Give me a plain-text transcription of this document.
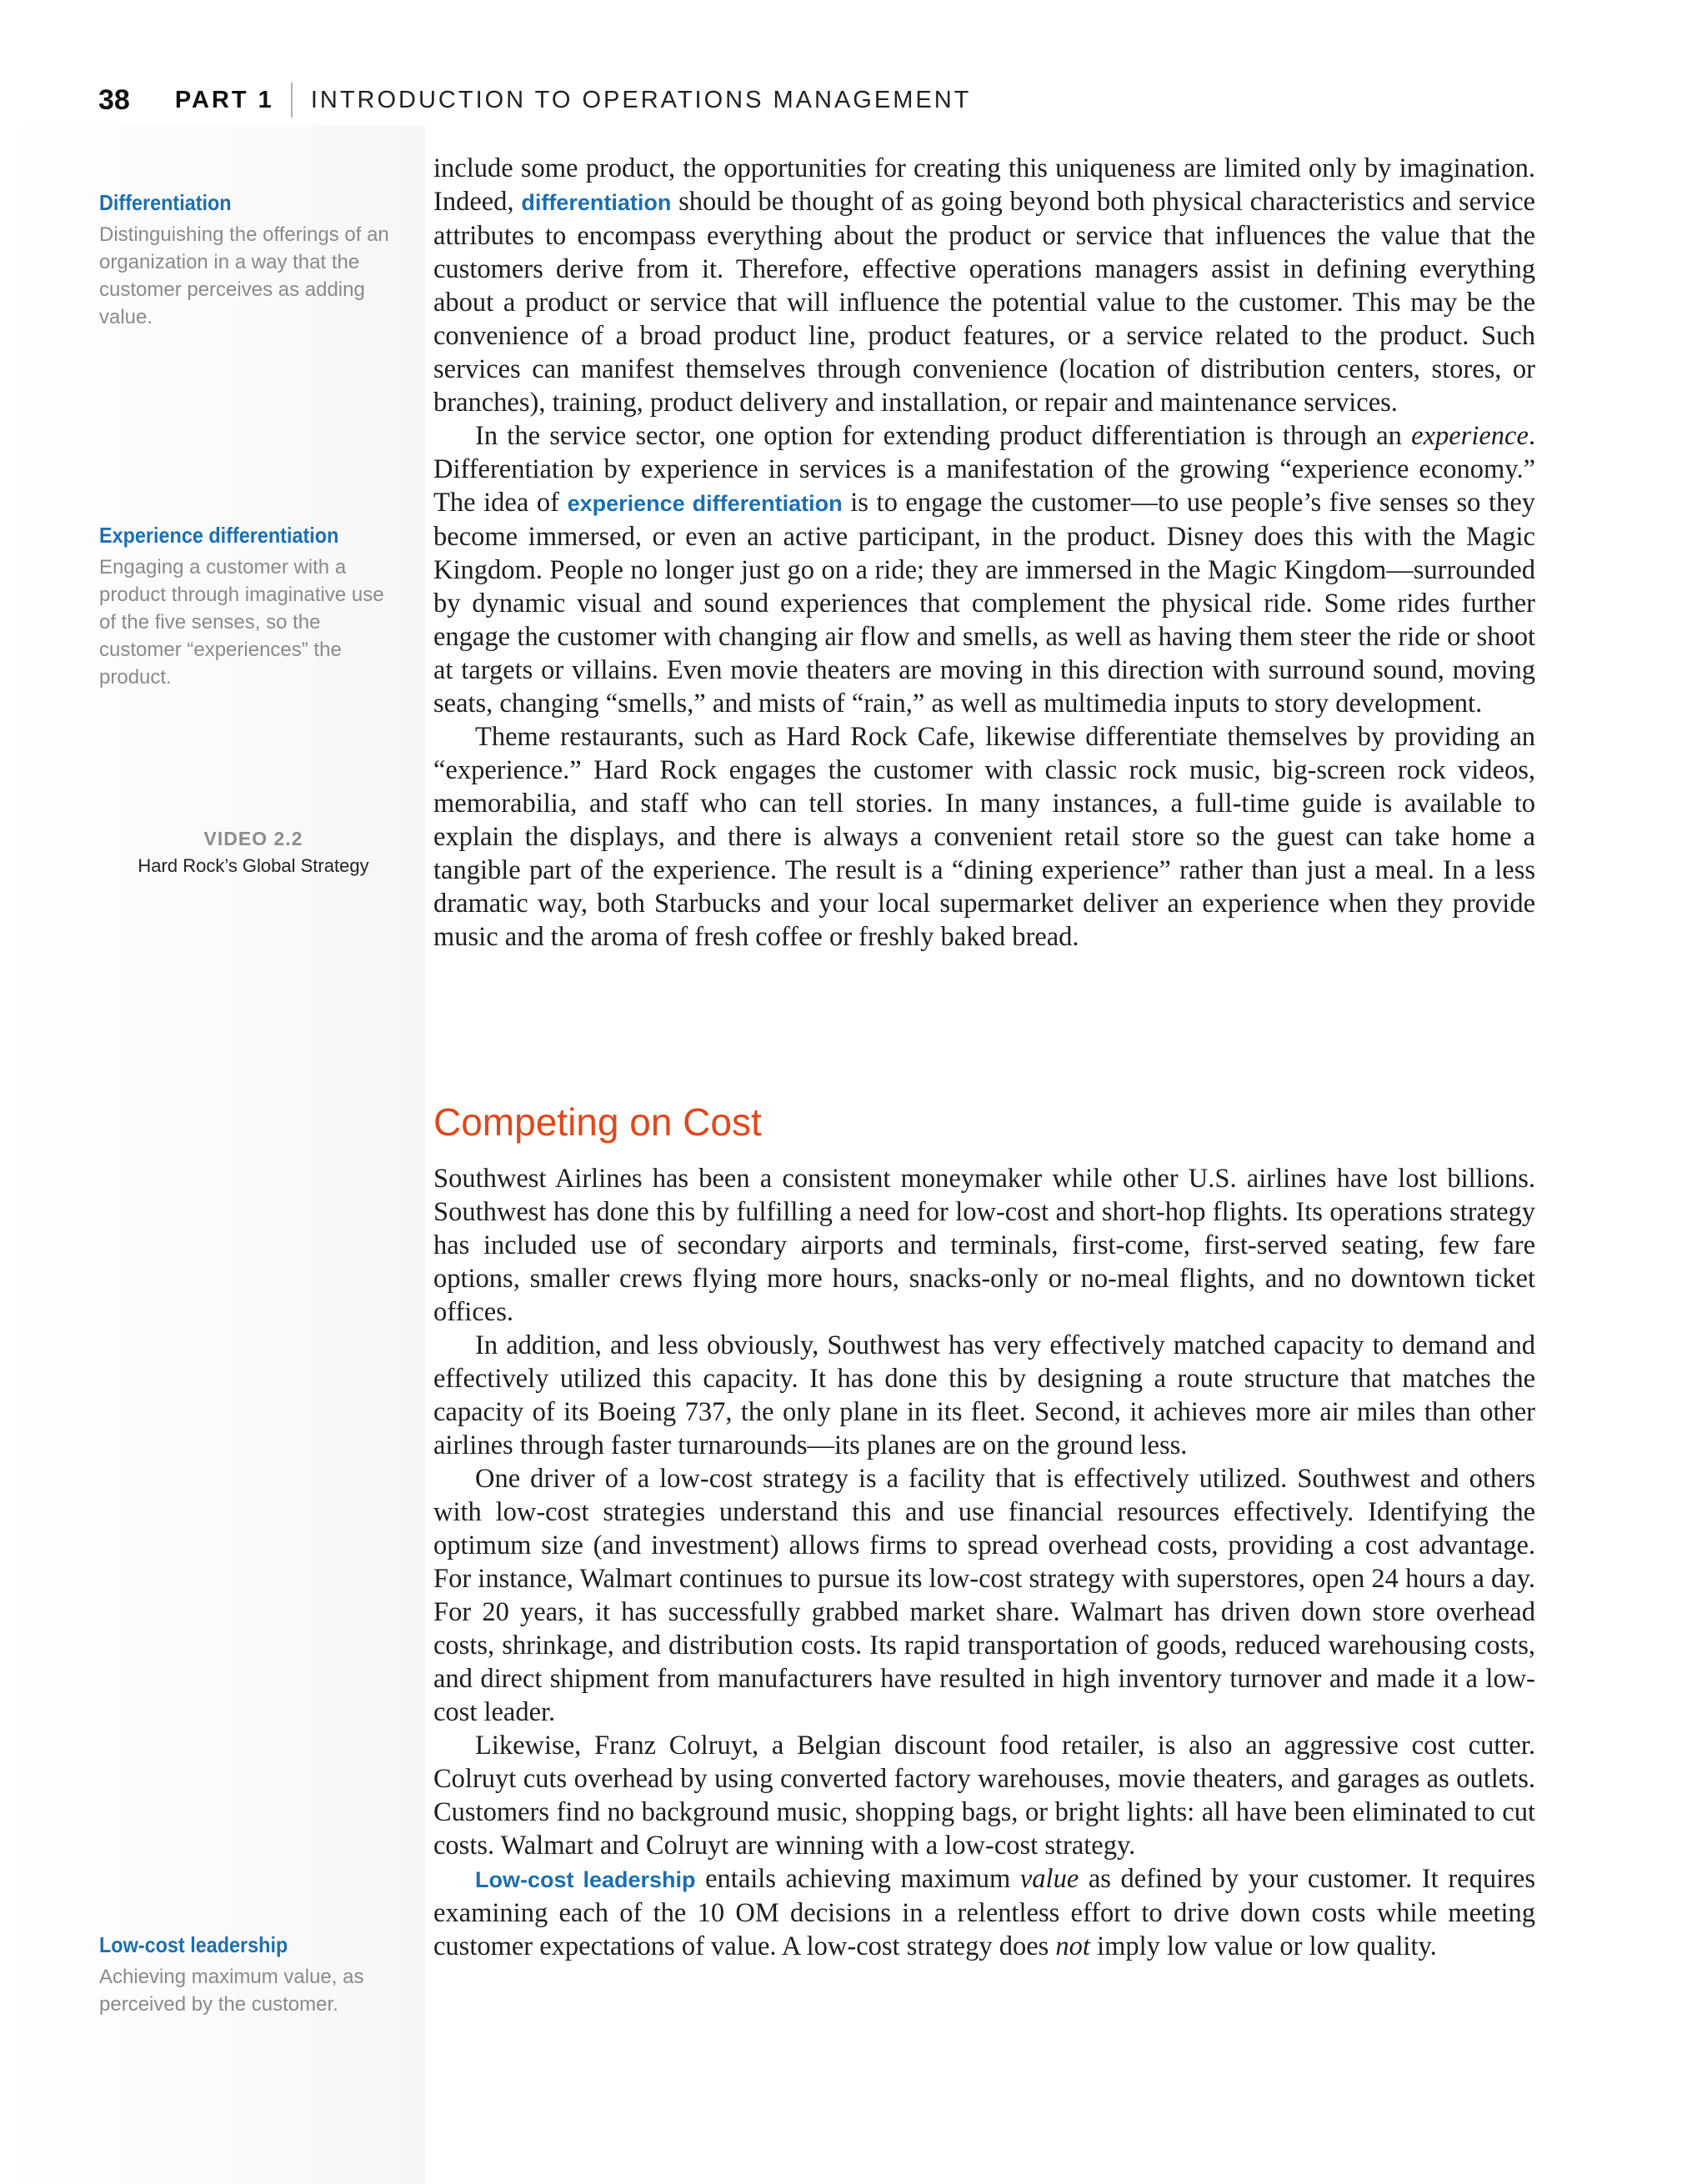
38 PART 1 INTRODUCTION TO OPERATIONS MANAGEMENT
Differentiation

Distinguishing the offerings of an organization in a way that the customer perceives as adding value.

Experience differentiation

Engaging a customer with a product through imaginative use of the five senses, so the customer “experiences” the product.

VIDEO 2.2
Hard Rock’s Global Strategy
Low-cost leadership

Achieving maximum value, as perceived by the customer.

include some product, the opportunities for creating this uniqueness are limited only by imagination. Indeed, differentiation should be thought of as going beyond both physical characteristics and service attributes to encompass everything about the product or service that influences the value that the customers derive from it. Therefore, effective operations managers assist in defining everything about a product or service that will influence the potential value to the customer. This may be the convenience of a broad product line, product features, or a service related to the product. Such services can manifest themselves through convenience (location of distribution centers, stores, or branches), training, product delivery and installation, or repair and maintenance services.

In the service sector, one option for extending product differentiation is through an experience. Differentiation by experience in services is a manifestation of the growing “experience economy.” The idea of experience differentiation is to engage the customer—to use people’s five senses so they become immersed, or even an active participant, in the product. Disney does this with the Magic Kingdom. People no longer just go on a ride; they are immersed in the Magic Kingdom—surrounded by dynamic visual and sound experiences that complement the physical ride. Some rides further engage the customer with changing air flow and smells, as well as having them steer the ride or shoot at targets or villains. Even movie theaters are moving in this direction with surround sound, moving seats, changing “smells,” and mists of “rain,” as well as multimedia inputs to story development.

Theme restaurants, such as Hard Rock Cafe, likewise differentiate themselves by providing an “experience.” Hard Rock engages the customer with classic rock music, big-screen rock videos, memorabilia, and staff who can tell stories. In many instances, a full-time guide is available to explain the displays, and there is always a convenient retail store so the guest can take home a tangible part of the experience. The result is a “dining experience” rather than just a meal. In a less dramatic way, both Starbucks and your local supermarket deliver an experience when they provide music and the aroma of fresh coffee or freshly baked bread.

Competing on Cost

Southwest Airlines has been a consistent moneymaker while other U.S. airlines have lost billions. Southwest has done this by fulfilling a need for low-cost and short-hop flights. Its operations strategy has included use of secondary airports and terminals, first-come, first-served seating, few fare options, smaller crews flying more hours, snacks-only or no-meal flights, and no downtown ticket offices.

In addition, and less obviously, Southwest has very effectively matched capacity to demand and effectively utilized this capacity. It has done this by designing a route structure that matches the capacity of its Boeing 737, the only plane in its fleet. Second, it achieves more air miles than other airlines through faster turnarounds—its planes are on the ground less.

One driver of a low-cost strategy is a facility that is effectively utilized. Southwest and others with low-cost strategies understand this and use financial resources effectively. Identifying the optimum size (and investment) allows firms to spread overhead costs, providing a cost advantage. For instance, Walmart continues to pursue its low-cost strategy with superstores, open 24 hours a day. For 20 years, it has successfully grabbed market share. Walmart has driven down store overhead costs, shrinkage, and distribution costs. Its rapid transportation of goods, reduced warehousing costs, and direct shipment from manufacturers have resulted in high inventory turnover and made it a low-cost leader.

Likewise, Franz Colruyt, a Belgian discount food retailer, is also an aggressive cost cutter. Colruyt cuts overhead by using converted factory warehouses, movie theaters, and garages as outlets. Customers find no background music, shopping bags, or bright lights: all have been eliminated to cut costs. Walmart and Colruyt are winning with a low-cost strategy.

Low-cost leadership entails achieving maximum value as defined by your customer. It requires examining each of the 10 OM decisions in a relentless effort to drive down costs while meeting customer expectations of value. A low-cost strategy does not imply low value or low quality.
